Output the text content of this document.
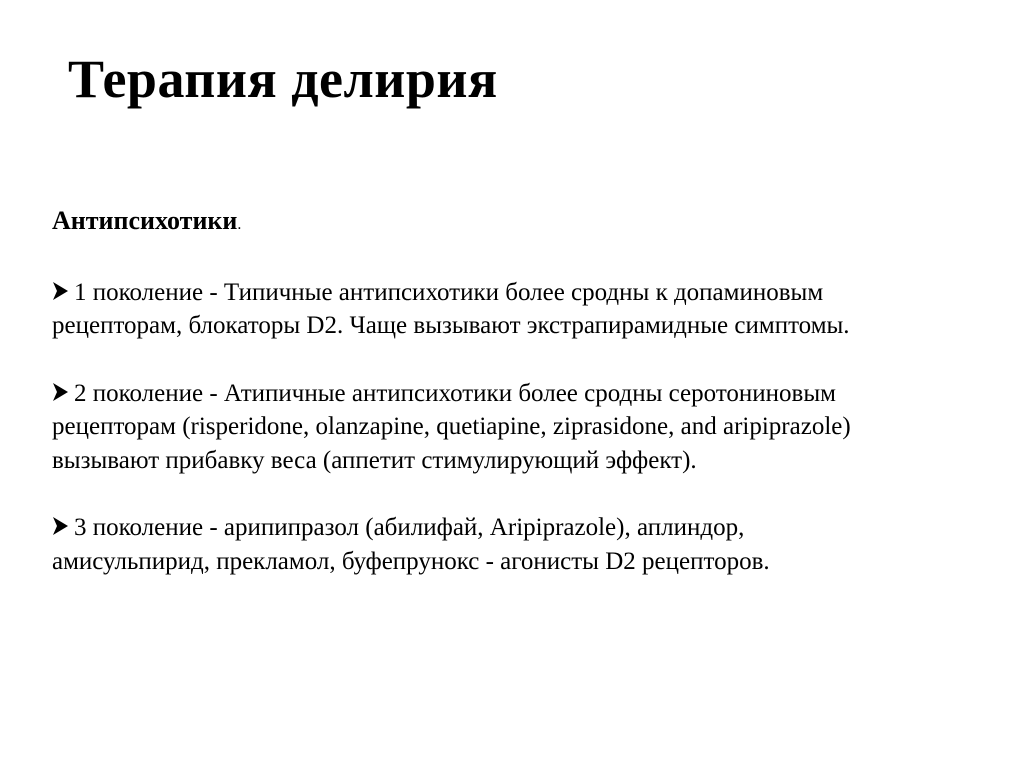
Терапия делирия

Антипсихотики.

1 поколение - Типичные антипсихотики более сродны к допаминовым

рецепторам, блокаторы D2. Чаще вызывают экстрапирамидные симптомы.

2 поколение - Атипичные антипсихотики более сродны серотониновым

рецепторам (risperidone, olanzapine, quetiapine, ziprasidone, and aripiprazole)

вызывают прибавку веса (аппетит стимулирующий эффект).

3 поколение - арипипразол (абилифай, Aripiprazole), аплиндор,

амисульпирид, прекламол, буфепрунокс - агонисты D2 рецепторов.
